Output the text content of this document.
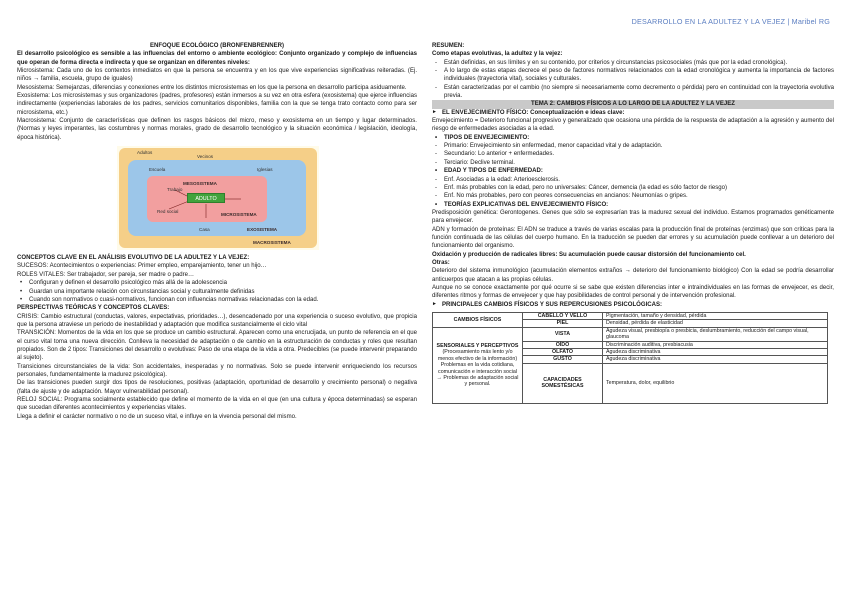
DESARROLLO EN LA ADULTEZ Y LA VEJEZ | Maribel RG
ENFOQUE ECOLÓGICO (BRONFENBRENNER)

El desarrollo psicológico es sensible a las influencias del entorno o ambiente ecológico: Conjunto organizado y complejo de influencias que operan de forma directa e indirecta y que se organizan en diferentes niveles:

Microsistema: Cada uno de los contextos inmediatos en que la persona se encuentra y en los que vive experiencias significativas reiteradas. (Ej. niños → familia, escuela, grupo de iguales)

Mesosistema: Semejanzas, diferencias y conexiones entre los distintos microsistemas en los que la persona en desarrollo participa asiduamente.

Exosistema: Los microsistemas y sus organizadores (padres, profesores) están inmersos a su vez en otra esfera (exosistema) que ejerce influencias indirectamente (experiencias laborales de los padres, servicios comunitarios disponibles, familia con la que se tenga trato contacto como para ser microsistema, etc.)

Macrosistema: Conjunto de características que definen los rasgos básicos del micro, meso y exosistema en un tiempo y lugar determinados. (Normas y leyes imperantes, las costumbres y normas morales, grado de desarrollo tecnológico y la situación económica / legislación, ideología, época histórica).

Adultos
Vecinos
Escuela	Iglesias
MESOSISTEMA
Trabajo
ADULTO
Red social
MICROSISTEMA
Casa	EXOSISTEMA
MACROSISTEMA
CONCEPTOS CLAVE EN EL ANÁLISIS EVOLUTIVO DE LA ADULTEZ Y LA VEJEZ:

SUCESOS: Acontecimientos o experiencias: Primer empleo, emparejamiento, tener un hijo…

ROLES VITALES: Ser trabajador, ser pareja, ser madre o padre…

• Configuran y definen el desarrollo psicológico más allá de la adolescencia
• Guardan una importante relación con circunstancias social y culturalmente definidas
• Cuando son normativos o cuasi-normativos, funcionan con influencias normativas relacionadas con la edad.
PERSPECTIVAS TEÓRICAS Y CONCEPTOS CLAVES:

CRISIS: Cambio estructural (conductas, valores, expectativas, prioridades…), desencadenado por una experiencia o suceso evolutivo, que propicia que la persona atraviese un periodo de inestabilidad y adaptación que modifica sustancialmente el ciclo vital

TRANSICIÓN: Momentos de la vida en los que se produce un cambio estructural. Aparecen como una encrucijada, un punto de referencia en el que el curso vital toma una nueva dirección. Conlleva la necesidad de adaptación o de cambio en la estructuración de conductas y roles que resultan propiados. Son de 2 tipos: Transiciones del desarrollo o evolutivas: Paso de una etapa de la vida a otra. Predecibles (se puede intervenir preparando al sujeto).

Transiciones circunstanciales de la vida: Son accidentales, inesperadas y no normativas. Solo se puede intervenir enriqueciendo los recursos personales, fundamentalmente la madurez psicológica).

De las transiciones pueden surgir dos tipos de resoluciones, positivas (adaptación, oportunidad de desarrollo y crecimiento personal) o negativa (falta de ajuste y de adaptación. Mayor vulnerabilidad personal).

RELOJ SOCIAL: Programa socialmente establecido que define el momento de la vida en el que (en una cultura y época determinadas) se esperan que sucedan diferentes acontecimientos y experiencias vitales.

Llega a definir el carácter normativo o no de un suceso vital, e influye en la vivencia personal del mismo.

RESUMEN:

Como etapas evolutivas, la adultez y la vejez:

- Están definidas, en sus límites y en su contenido, por criterios y circunstancias psicosociales (más que por la edad cronológica).
- A lo largo de estas etapas decrece el peso de factores normativos relacionados con la edad cronológica y aumenta la importancia de factores individuales (trayectoria vital), sociales y culturales.
- Están caracterizadas por el cambio (no siempre si necesariamente como decremento o pérdida) pero en continuidad con la trayectoria evolutiva previa.
TEMA 2: CAMBIOS FÍSICOS A LO LARGO DE LA ADULTEZ Y LA VEJEZ
► EL ENVEJECIMIENTO FÍSICO: Conceptualización e ideas clave:

Envejecimiento = Deterioro funcional progresivo y generalizado que ocasiona una pérdida de la respuesta de adaptación a la agresión y aumento del riesgo de enfermedades asociadas a la edad.

• TIPOS DE ENVEJECIMIENTO:
- Primario: Envejecimiento sin enfermedad, menor capacidad vital y de adaptación.
- Secundario: Lo anterior + enfermedades.
- Terciario: Declive terminal.
• EDAD Y TIPOS DE ENFERMEDAD:
- Enf. Asociadas a la edad: Arterioesclerosis.
- Enf. más probables con la edad, pero no universales: Cáncer, demencia (la edad es sólo factor de riesgo)
- Enf. No más probables, pero con peores consecuencias en ancianos: Neumonías o gripes.
• TEORÍAS EXPLICATIVAS DEL ENVEJECIMIENTO FÍSICO:

Predisposición genética: Gerontogenes. Genes que sólo se expresarían tras la madurez sexual del individuo. Estamos programados genéticamente para envejecer.

ADN y formación de proteínas: El ADN se traduce a través de varias escalas para la producción final de proteínas (enzimas) que son críticas para la función continuada de las células del cuerpo humano. En la traducción se pueden dar errores y su acumulación puede conllevar a un deterioro del funcionamiento del organismo.

Oxidación y producción de radicales libres: Su acumulación puede causar distorsión del funcionamiento cel.

Otras:

Deterioro del sistema inmunológico (acumulación elementos extraños → deterioro del funcionamiento biológico) Con la edad se podría desarrollar anticuerpos que atacan a las propias células.

Aunque no se conoce exactamente por qué ocurre si se sabe que existen diferencias inter e intraindividuales en las formas de envejecer, es decir, diferentes ritmos y formas de envejecer y que hay posibilidades de control personal y de intervención profesional.

► PRINCIPALES CAMBIOS FÍSICOS Y SUS REPERCUSIONES PSICOLÓGICAS:
CAMBIOS FÍSICOS	CABELLO Y VELLO	Pigmentación, tamaño y densidad, pérdida
	PIEL	Densidad, pérdida de elasticidad

SENSORIALES Y PERCEPTIVOS
(Procesamiento más lento y/o menos efectivo de la información) Problemas en la vida cotidiana, comunicación e interacción social → Problemas de adaptación social y personal.	VISTA	Agudeza visual, presbiopía o presbicia, deslumbramiento, reducción del campo visual, glaucoma
	OÍDO	Discriminación auditiva, presbiacusia
	OLFATO	Agudeza discriminativa
	GUSTO	Agudeza discriminativa
	CAPACIDADES SOMESTÉSICAS	Temperatura, dolor, equilibrio
